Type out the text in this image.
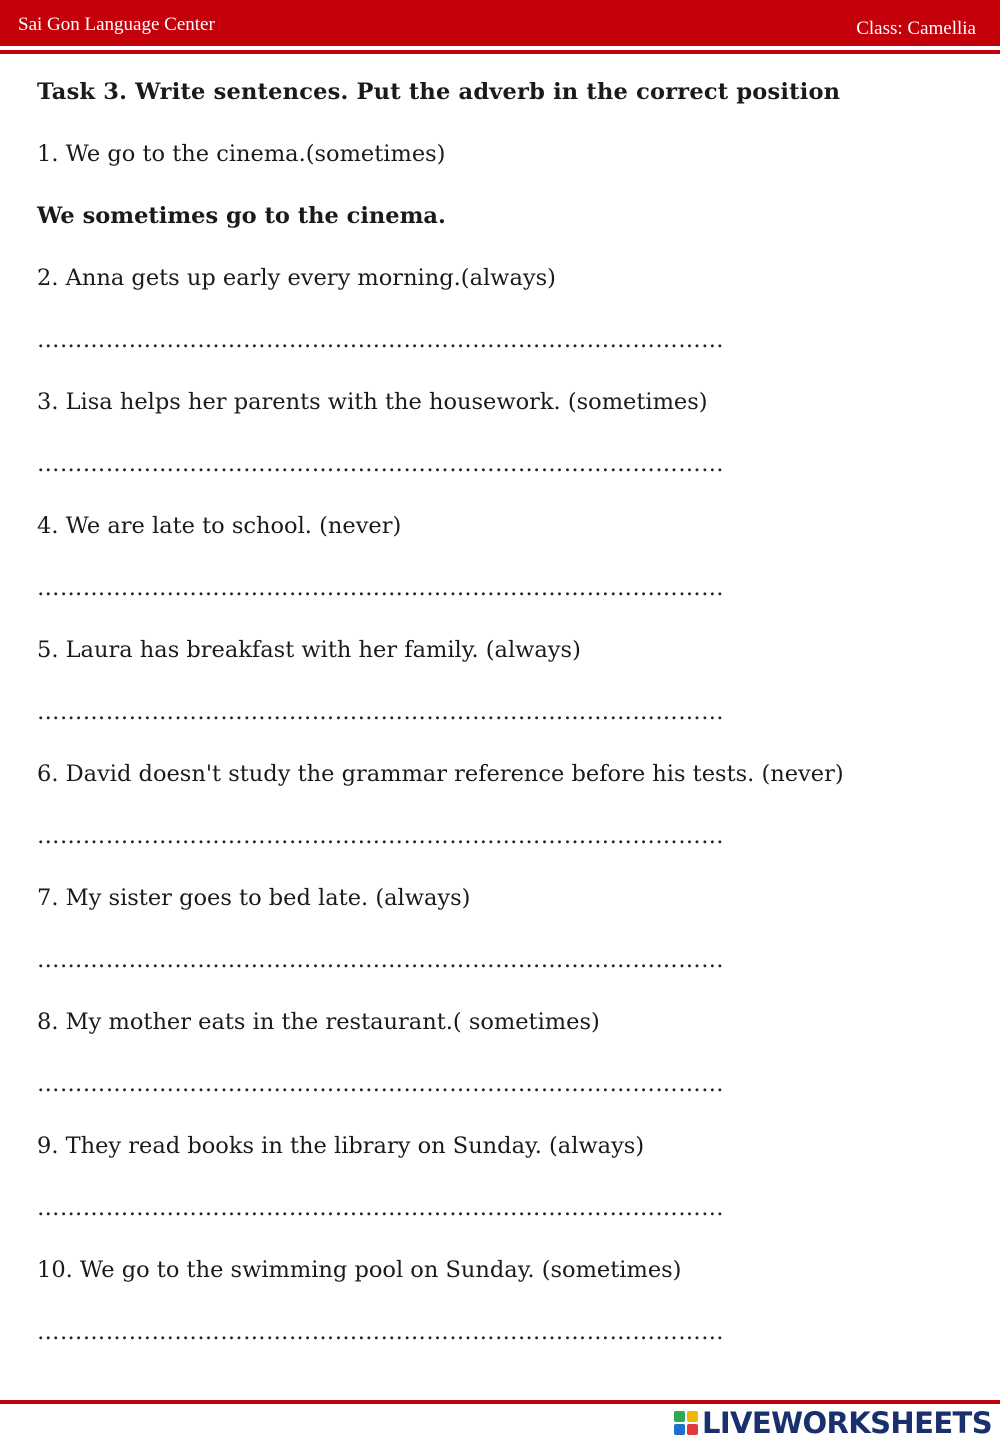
Sai Gon Language Center	Class: Camellia
Task 3. Write sentences. Put the adverb in the correct position
1. We go to the cinema.(sometimes)
We sometimes go to the cinema.
2. Anna gets up early every morning.(always)
………………………………………………………………………………
3. Lisa helps her parents with the housework. (sometimes)
………………………………………………………………………………
4. We are late to school. (never)
………………………………………………………………………………
5. Laura has breakfast with her family. (always)
………………………………………………………………………………
6. David doesn't study the grammar reference before his tests. (never)
………………………………………………………………………………
7. My sister goes to bed late. (always)
………………………………………………………………………………
8. My mother eats in the restaurant.( sometimes)
………………………………………………………………………………
9. They read books in the library on Sunday. (always)
………………………………………………………………………………
10. We go to the swimming pool on Sunday. (sometimes)
………………………………………………………………………………
LIVEWORKSHEETS
